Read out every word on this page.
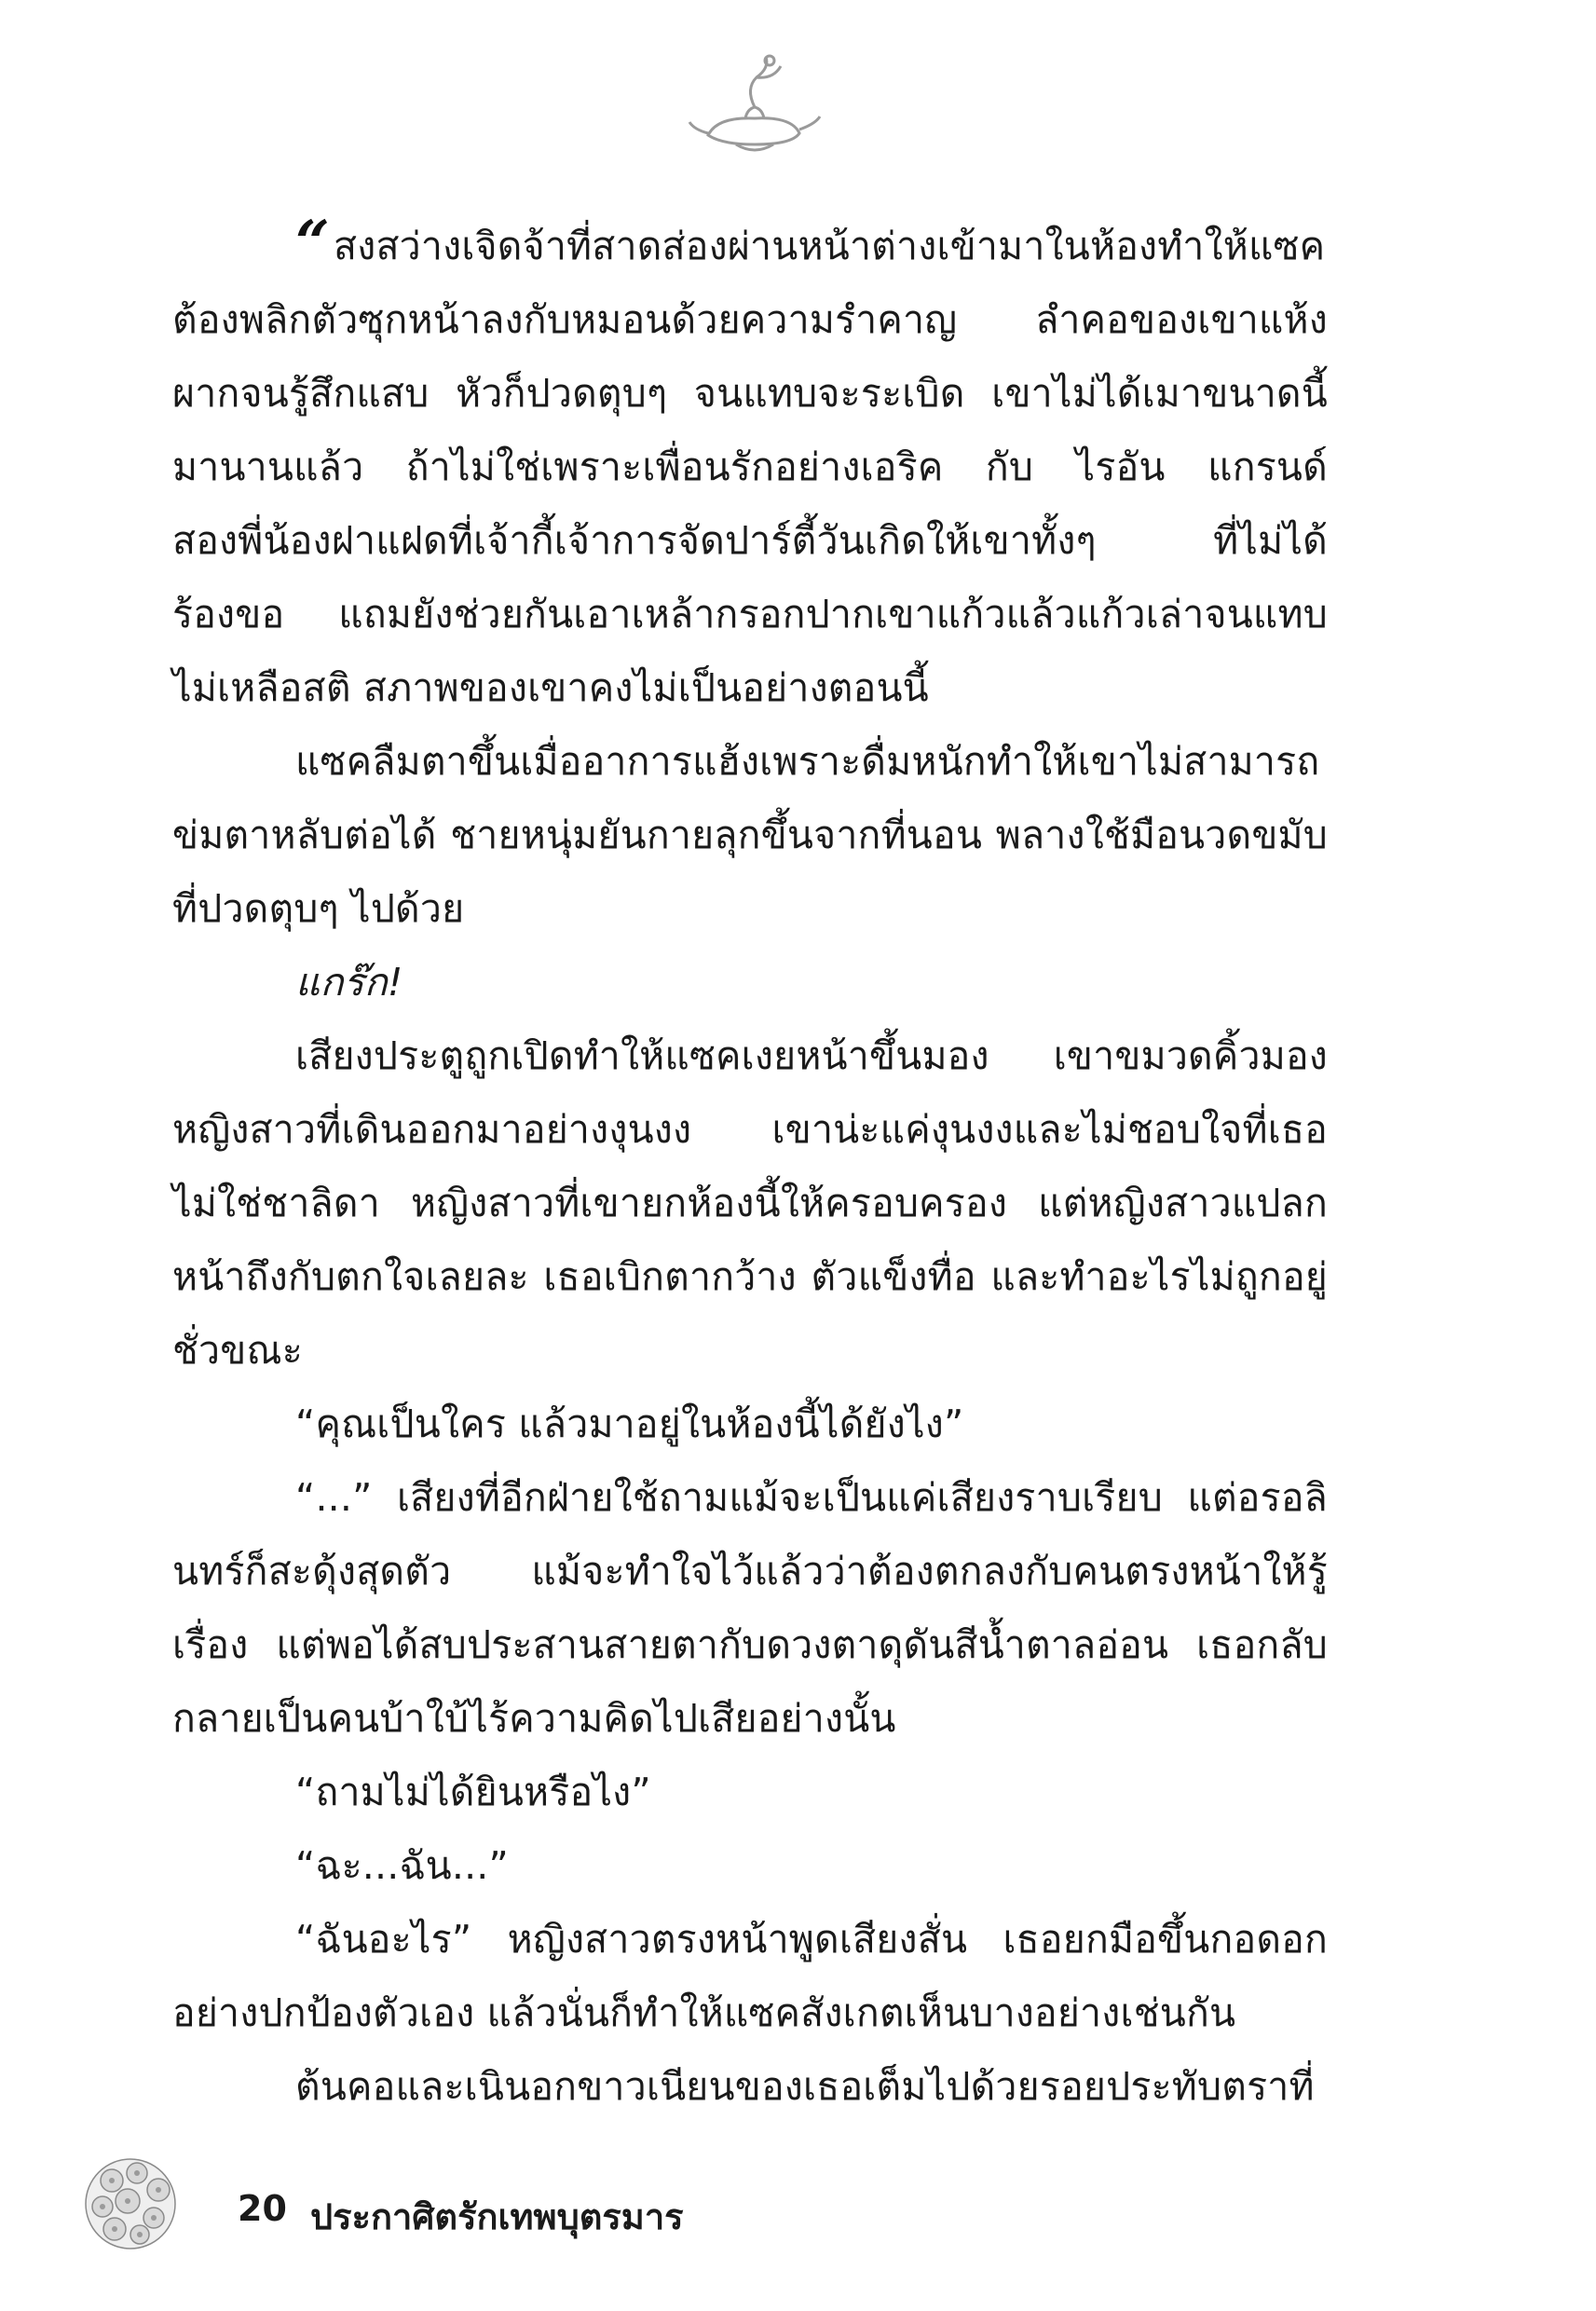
“สงสว่างเจิดจ้าที่สาดส่องผ่านหน้าต่างเข้ามาในห้องทำให้แซคต้องพลิกตัวซุกหน้าลงกับหมอนด้วยความรำคาญ ลำคอของเขาแห้งผากจนรู้สึกแสบ หัวก็ปวดตุบๆ จนแทบจะระเบิด เขาไม่ได้เมาขนาดนี้มานานแล้ว ถ้าไม่ใช่เพราะเพื่อนรักอย่างเอริค กับ ไรอัน แกรนด์ สองพี่น้องฝาแฝดที่เจ้ากี้เจ้าการจัดปาร์ตี้วันเกิดให้เขาทั้งๆ ที่ไม่ได้ร้องขอ แถมยังช่วยกันเอาเหล้ากรอกปากเขาแก้วแล้วแก้วเล่าจนแทบไม่เหลือสติ สภาพของเขาคงไม่เป็นอย่างตอนนี้

แซคลืมตาขึ้นเมื่ออาการแฮ้งเพราะดื่มหนักทำให้เขาไม่สามารถข่มตาหลับต่อได้ ชายหนุ่มยันกายลุกขึ้นจากที่นอน พลางใช้มือนวดขมับที่ปวดตุบๆ ไปด้วย

แกร๊ก!

เสียงประตูถูกเปิดทำให้แซคเงยหน้าขึ้นมอง เขาขมวดคิ้วมองหญิงสาวที่เดินออกมาอย่างงุนงง เขาน่ะแค่งุนงงและไม่ชอบใจที่เธอไม่ใช่ชาลิดา หญิงสาวที่เขายกห้องนี้ให้ครอบครอง แต่หญิงสาวแปลกหน้าถึงกับตกใจเลยละ เธอเบิกตากว้าง ตัวแข็งทื่อ และทำอะไรไม่ถูกอยู่ชั่วขณะ

“คุณเป็นใคร แล้วมาอยู่ในห้องนี้ได้ยังไง”

“...” เสียงที่อีกฝ่ายใช้ถามแม้จะเป็นแค่เสียงราบเรียบ แต่อรอลินทร์ก็สะดุ้งสุดตัว แม้จะทำใจไว้แล้วว่าต้องตกลงกับคนตรงหน้าให้รู้เรื่อง แต่พอได้สบประสานสายตากับดวงตาดุดันสีน้ำตาลอ่อน เธอกลับกลายเป็นคนบ้าใบ้ไร้ความคิดไปเสียอย่างนั้น

“ถามไม่ได้ยินหรือไง”

“ฉะ...ฉัน...”

“ฉันอะไร” หญิงสาวตรงหน้าพูดเสียงสั่น เธอยกมือขึ้นกอดอกอย่างปกป้องตัวเอง แล้วนั่นก็ทำให้แซคสังเกตเห็นบางอย่างเช่นกัน

ต้นคอและเนินอกขาวเนียนของเธอเต็มไปด้วยรอยประทับตราที่

20 ประกาศิตรักเทพบุตรมาร
